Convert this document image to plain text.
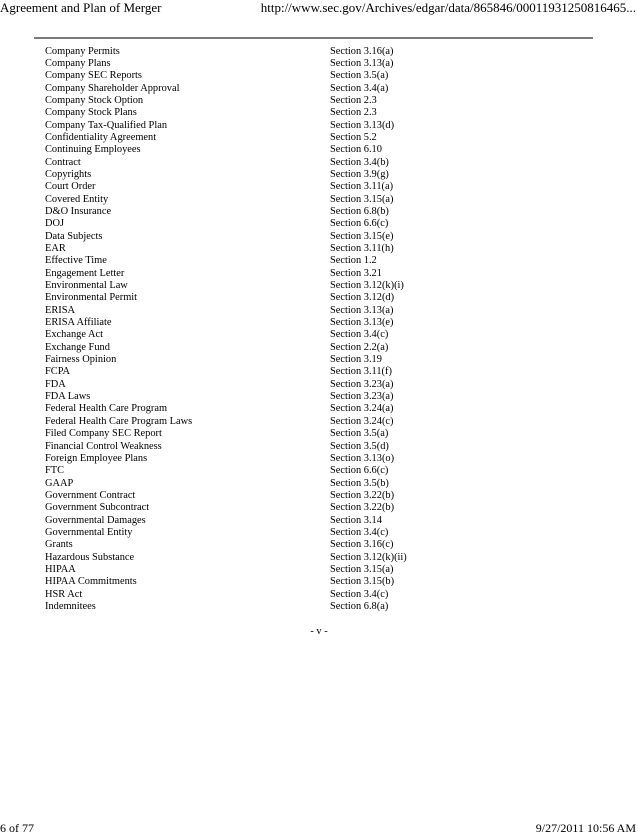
Agreement and Plan of Merger	http://www.sec.gov/Archives/edgar/data/865846/00011931250816465...
Company Permits	Section 3.16(a)
Company Plans	Section 3.13(a)
Company SEC Reports	Section 3.5(a)
Company Shareholder Approval	Section 3.4(a)
Company Stock Option	Section 2.3
Company Stock Plans	Section 2.3
Company Tax-Qualified Plan	Section 3.13(d)
Confidentiality Agreement	Section 5.2
Continuing Employees	Section 6.10
Contract	Section 3.4(b)
Copyrights	Section 3.9(g)
Court Order	Section 3.11(a)
Covered Entity	Section 3.15(a)
D&O Insurance	Section 6.8(b)
DOJ	Section 6.6(c)
Data Subjects	Section 3.15(e)
EAR	Section 3.11(h)
Effective Time	Section 1.2
Engagement Letter	Section 3.21
Environmental Law	Section 3.12(k)(i)
Environmental Permit	Section 3.12(d)
ERISA	Section 3.13(a)
ERISA Affiliate	Section 3.13(e)
Exchange Act	Section 3.4(c)
Exchange Fund	Section 2.2(a)
Fairness Opinion	Section 3.19
FCPA	Section 3.11(f)
FDA	Section 3.23(a)
FDA Laws	Section 3.23(a)
Federal Health Care Program	Section 3.24(a)
Federal Health Care Program Laws	Section 3.24(c)
Filed Company SEC Report	Section 3.5(a)
Financial Control Weakness	Section 3.5(d)
Foreign Employee Plans	Section 3.13(o)
FTC	Section 6.6(c)
GAAP	Section 3.5(b)
Government Contract	Section 3.22(b)
Government Subcontract	Section 3.22(b)
Governmental Damages	Section 3.14
Governmental Entity	Section 3.4(c)
Grants	Section 3.16(c)
Hazardous Substance	Section 3.12(k)(ii)
HIPAA	Section 3.15(a)
HIPAA Commitments	Section 3.15(b)
HSR Act	Section 3.4(c)
Indemnitees	Section 6.8(a)
- v -
6 of 77	9/27/2011 10:56 AM
